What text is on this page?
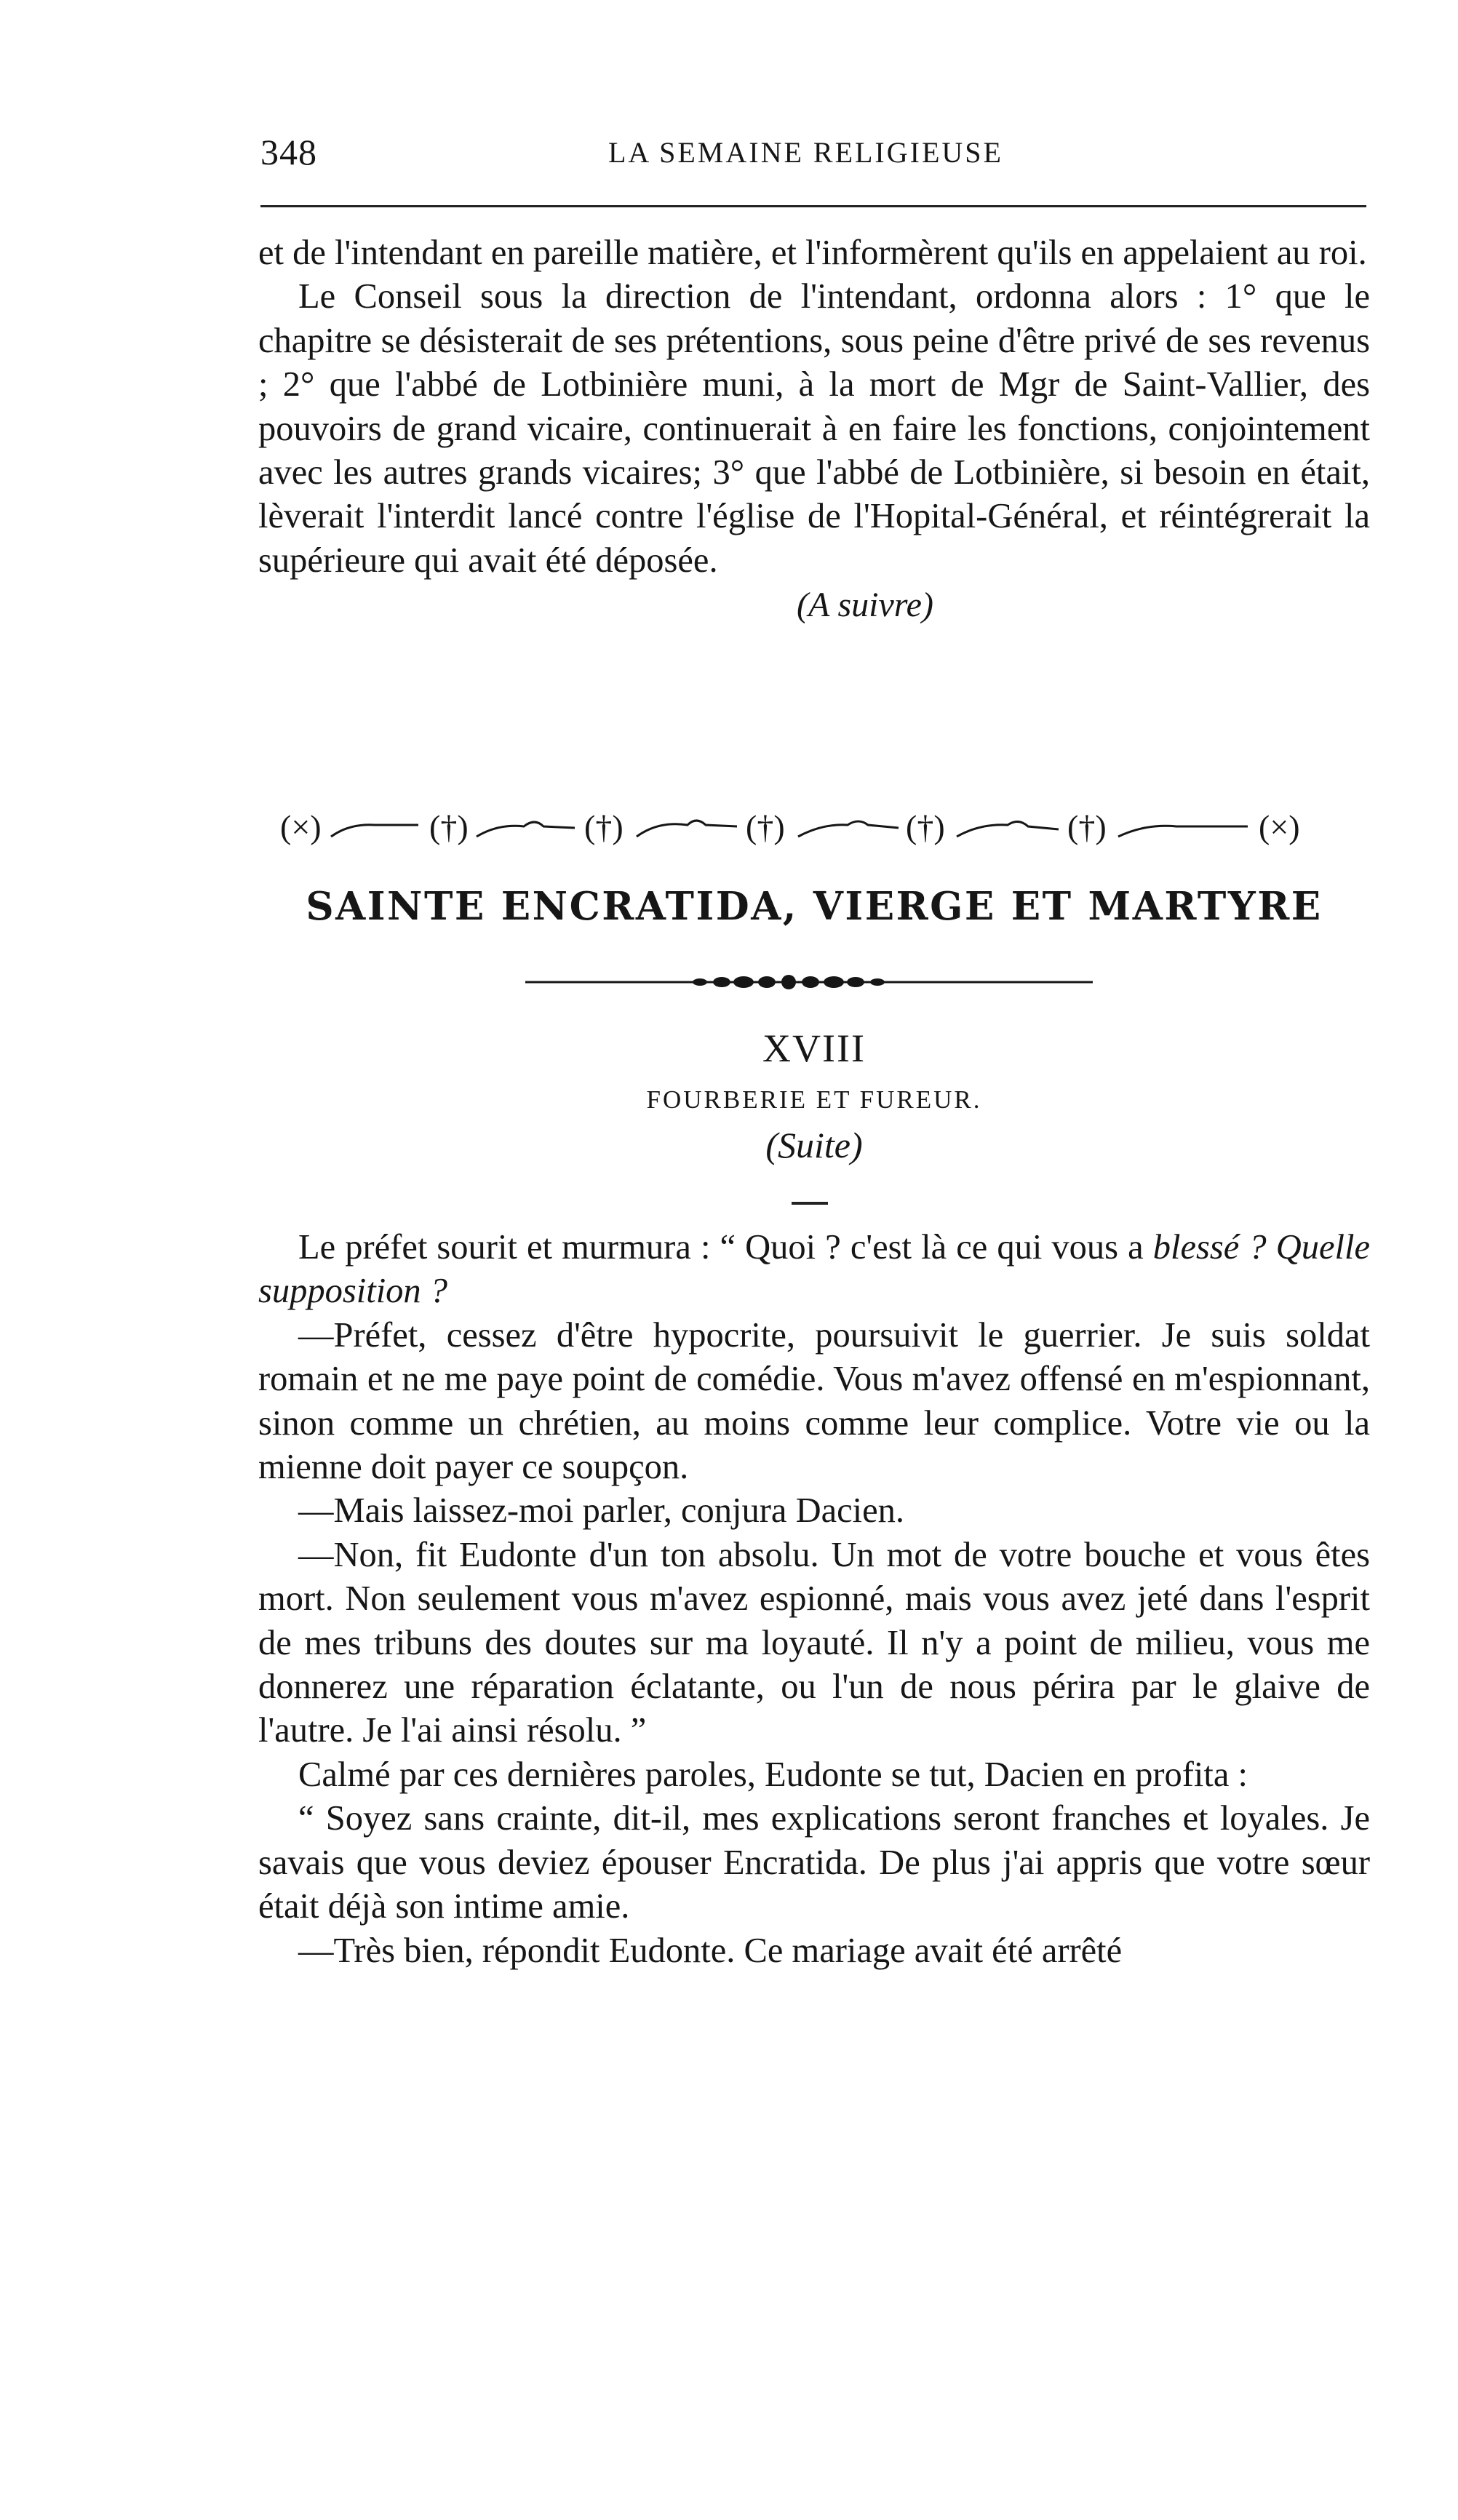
348	LA SEMAINE RELIGIEUSE

et de l'intendant en pareille matière, et l'informèrent qu'ils en appelaient au roi.

Le Conseil sous la direction de l'intendant, ordonna alors : 1° que le chapitre se désisterait de ses prétentions, sous peine d'être privé de ses revenus ; 2° que l'abbé de Lotbinière muni, à la mort de Mgr de Saint-Vallier, des pouvoirs de grand vicaire, continuerait à en faire les fonctions, conjointement avec les autres grands vicaires; 3° que l'abbé de Lotbinière, si besoin en était, lèverait l'interdit lancé contre l'église de l'Hopital-Général, et réintégrerait la supérieure qui avait été déposée.

(A suivre)

(×)	(†)	(†)	(†)	(†)	(†)	(×)
SAINTE ENCRATIDA, VIERGE ET MARTYRE
XVIII
FOURBERIE ET FUREUR.
(Suite)

Le préfet sourit et murmura : “ Quoi ? c'est là ce qui vous a blessé ? Quelle supposition ?

—Préfet, cessez d'être hypocrite, poursuivit le guerrier. Je suis soldat romain et ne me paye point de comédie. Vous m'avez offensé en m'espionnant, sinon comme un chrétien, au moins comme leur complice. Votre vie ou la mienne doit payer ce soupçon.

—Mais laissez-moi parler, conjura Dacien.

—Non, fit Eudonte d'un ton absolu. Un mot de votre bouche et vous êtes mort. Non seulement vous m'avez espionné, mais vous avez jeté dans l'esprit de mes tribuns des doutes sur ma loyauté. Il n'y a point de milieu, vous me donnerez une réparation éclatante, ou l'un de nous périra par le glaive de l'autre. Je l'ai ainsi résolu. ”

Calmé par ces dernières paroles, Eudonte se tut, Dacien en profita :

“ Soyez sans crainte, dit-il, mes explications seront franches et loyales. Je savais que vous deviez épouser Encratida. De plus j'ai appris que votre sœur était déjà son intime amie.

—Très bien, répondit Eudonte. Ce mariage avait été arrêté
